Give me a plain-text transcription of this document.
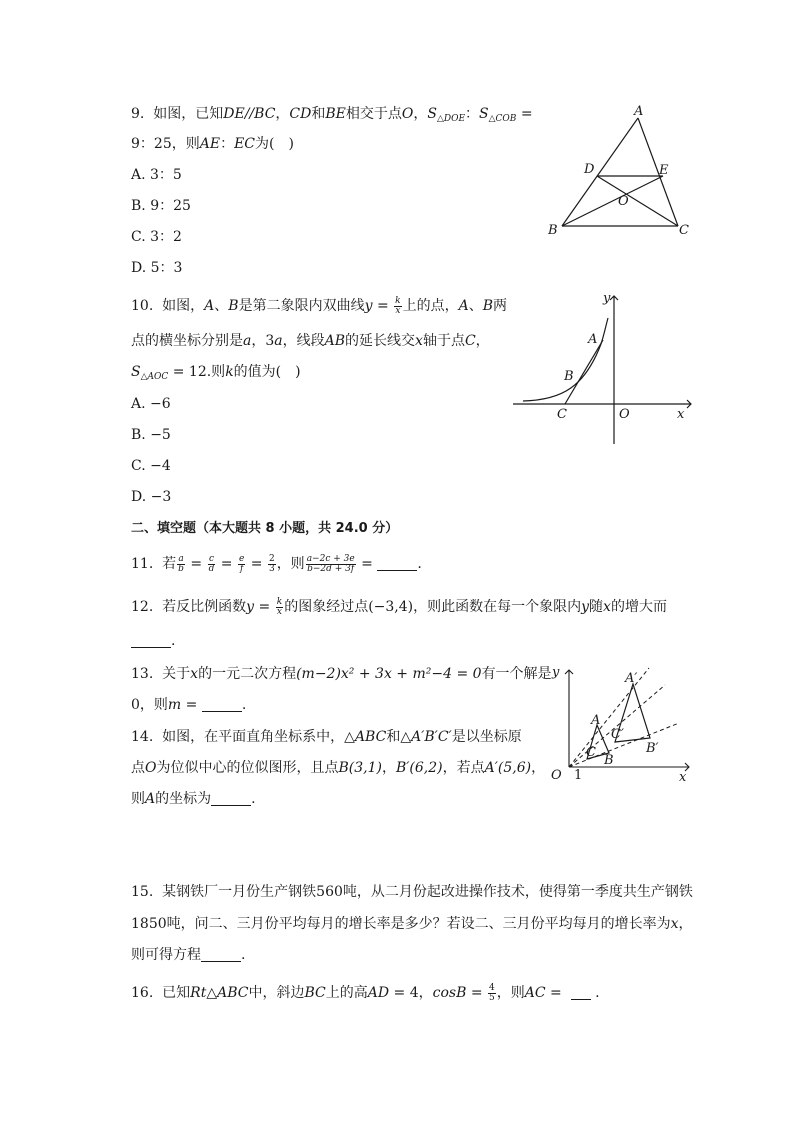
9. 如图，已知DE//BC，CD和BE相交于点O，$S_{\triangle DOE}$：$S_{\triangle COB}$ =
9：25，则AE：EC为(　)
A. 3：5
B. 9：25
C. 3：2
D. 5：3
A
D	E
O
B	C
10. 如图，A、B是第二象限内双曲线$y = \frac{k}{x}$ 上的点，A、B两
点的横坐标分别是a，3a，线段AB的延长线交x轴于点C，
$S_{\triangle AOC} = 12$.则k的值为(　)
A. −6
B. −5
C. −4
D. −3
y
A
B
C	O	x
二、填空题（本大题共 8 小题，共 24.0 分）
11. 若 $\frac{a}{b} = \frac{c}{d} = \frac{e}{f} = \frac{2}{3}$ ，则 $\frac{a-2c + 3e}{b-2d + 3f}$ =	.
12. 若反比例函数$y = \frac{k}{x}$ 的图象经过点(−3,4)，则此函数在每一个象限内y随x的增大而
.
13. 关于x的一元二次方程(m−2)x² + 3x + m²−4 = 0有一个解是
0，则m =	.
14. 如图，在平面直角坐标系中，△ABC和△A′B′C′是以坐标原
点O为位似中心的位似图形，且点B(3,1)，B′(6,2)，若点A′(5,6)，
则A的坐标为	.
y	A′
A
C′
B′
C
B
O 1	x
15. 某钢铁厂一月份生产钢铁560吨，从二月份起改进操作技术，使得第一季度共生产钢铁
1850吨，问二、三月份平均每月的增长率是多少？若设二、三月份平均每月的增长率为x，
则可得方程	.
16. 已知Rt△ABC中，斜边BC上的高AD = 4，$\cos B = \frac{4}{5}$ ，则AC =   .
